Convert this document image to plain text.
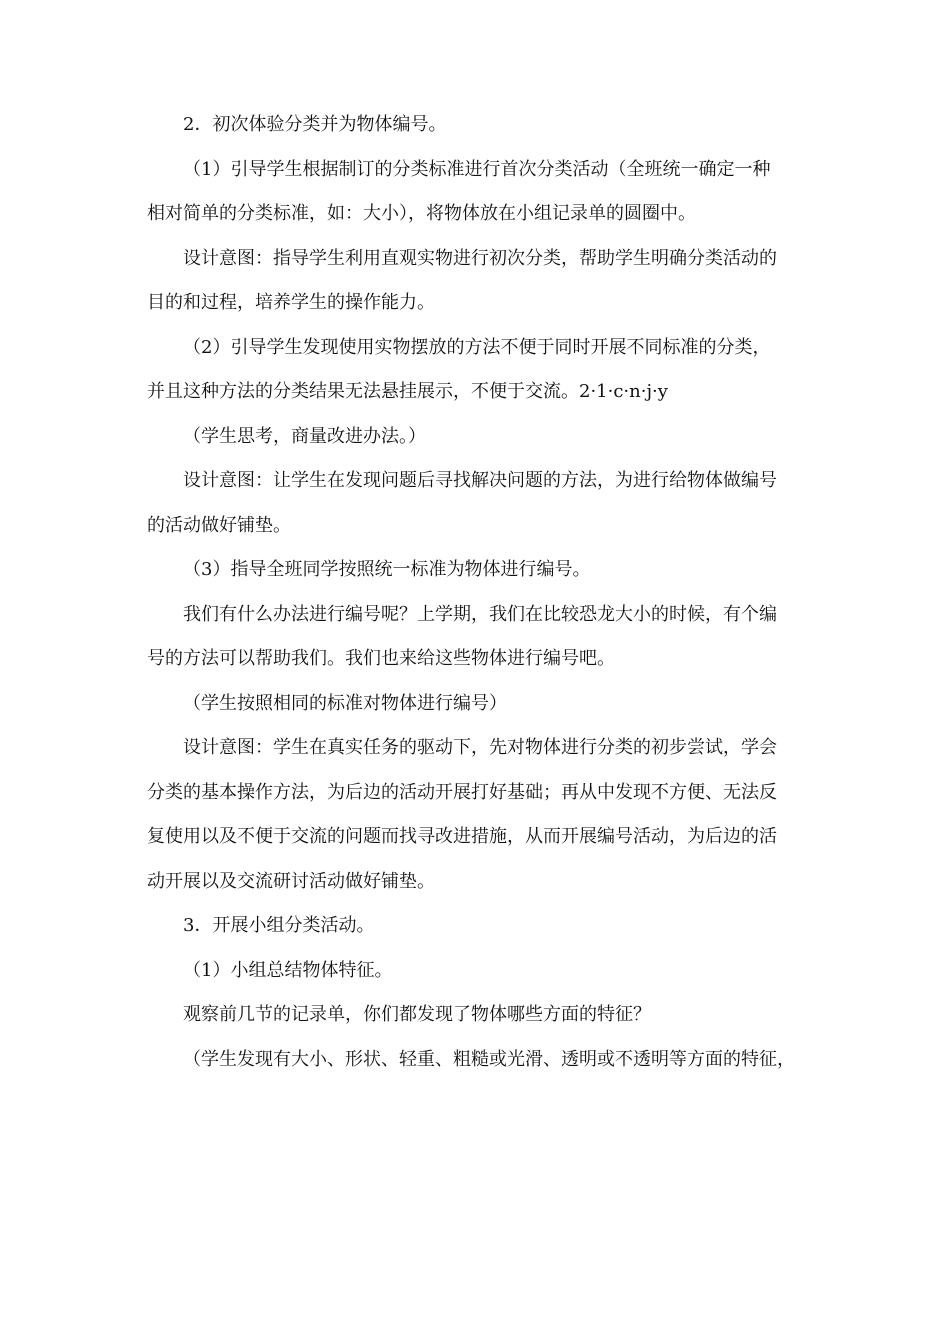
2．初次体验分类并为物体编号。

（1）引导学生根据制订的分类标准进行首次分类活动（全班统一确定一种
相对简单的分类标准，如：大小），将物体放在小组记录单的圆圈中。

设计意图：指导学生利用直观实物进行初次分类，帮助学生明确分类活动的
目的和过程，培养学生的操作能力。

（2）引导学生发现使用实物摆放的方法不便于同时开展不同标准的分类，
并且这种方法的分类结果无法悬挂展示，不便于交流。2·1·c·n·j·y

（学生思考，商量改进办法。）

设计意图：让学生在发现问题后寻找解决问题的方法，为进行给物体做编号
的活动做好铺垫。

（3）指导全班同学按照统一标准为物体进行编号。

我们有什么办法进行编号呢？上学期，我们在比较恐龙大小的时候，有个编
号的方法可以帮助我们。我们也来给这些物体进行编号吧。

（学生按照相同的标准对物体进行编号）

设计意图：学生在真实任务的驱动下，先对物体进行分类的初步尝试，学会
分类的基本操作方法，为后边的活动开展打好基础；再从中发现不方便、无法反
复使用以及不便于交流的问题而找寻改进措施，从而开展编号活动，为后边的活
动开展以及交流研讨活动做好铺垫。

3．开展小组分类活动。

（1）小组总结物体特征。

观察前几节的记录单，你们都发现了物体哪些方面的特征？

（学生发现有大小、形状、轻重、粗糙或光滑、透明或不透明等方面的特征，
